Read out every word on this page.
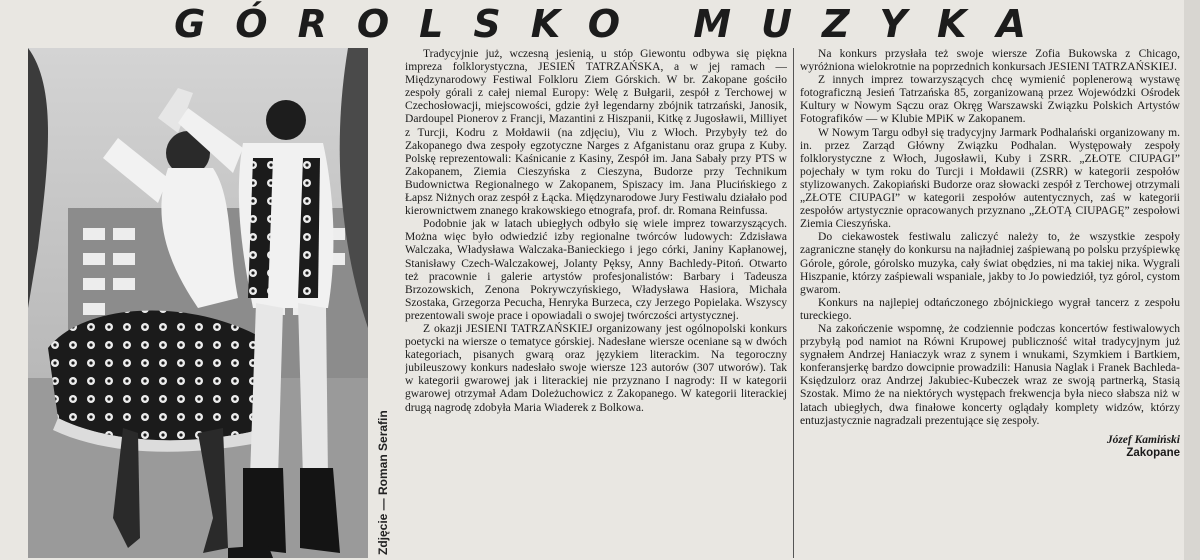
GÓROLSKO MUZYKA
Zdjęcie — Roman Serafin

Tradycyjnie już, wczesną jesienią, u stóp Giewontu odbywa się piękna impreza folklorystyczna, JESIEŃ TATRZAŃSKA, a w jej ramach — Międzynarodowy Festiwal Folkloru Ziem Górskich. W br. Zakopane gościło zespoły górali z całej niemal Europy: Welę z Bułgarii, zespół z Terchowej w Czechosłowacji, miejscowości, gdzie żył legendarny zbójnik tatrzański, Janosik, Dardoupel Pionerov z Francji, Mazantini z Hiszpanii, Kitkę z Jugosławii, Milliyet z Turcji, Kodru z Mołdawii (na zdjęciu), Viu z Włoch. Przybyły też do Zakopanego dwa zespoły egzotyczne Narges z Afganistanu oraz grupa z Kuby. Polskę reprezentowali: Kaśnicanie z Kasiny, Zespół im. Jana Sabały przy PTS w Zakopanem, Ziemia Cieszyńska z Cieszyna, Budorze przy Technikum Budownictwa Regionalnego w Zakopanem, Spiszacy im. Jana Plucińskiego z Łapsz Niżnych oraz zespół z Łącka. Międzynarodowe Jury Festiwalu działało pod kierownictwem znanego krakowskiego etnografa, prof. dr. Romana Reinfussa.

Podobnie jak w latach ubiegłych odbyło się wiele imprez towarzyszących. Można więc było odwiedzić izby regionalne twórców ludowych: Zdzisława Walczaka, Władysława Walczaka-Banieckiego i jego córki, Janiny Kapłanowej, Stanisławy Czech-Walczakowej, Jolanty Pęksy, Anny Bachledy-Pitoń. Otwarto też pracownie i galerie artystów profesjonalistów: Barbary i Tadeusza Brzozowskich, Zenona Pokrywczyńskiego, Władysława Hasiora, Michała Szostaka, Grzegorza Pecucha, Henryka Burzeca, czy Jerzego Popielaka. Wszyscy prezentowali swoje prace i opowiadali o swojej twórczości artystycznej.

Z okazji JESIENI TATRZAŃSKIEJ organizowany jest ogólnopolski konkurs poetycki na wiersze o tematyce górskiej. Nadesłane wiersze oceniane są w dwóch kategoriach, pisanych gwarą oraz językiem literackim. Na tegoroczny jubileuszowy konkurs nadesłało swoje wiersze 123 autorów (307 utworów). Tak w kategorii gwarowej jak i literackiej nie przyznano I nagrody: II w kategorii gwarowej otrzymał Adam Doleżuchowicz z Zakopanego. W kategorii literackiej drugą nagrodę zdobyła Maria Wiaderek z Bolkowa.

Na konkurs przysłała też swoje wiersze Zofia Bukowska z Chicago, wyróżniona wielokrotnie na poprzednich konkursach JESIENI TATRZAŃSKIEJ.

Z innych imprez towarzyszących chcę wymienić poplenerową wystawę fotograficzną Jesień Tatrzańska 85, zorganizowaną przez Wojewódzki Ośrodek Kultury w Nowym Sączu oraz Okręg Warszawski Związku Polskich Artystów Fotografików — w Klubie MPiK w Zakopanem.

W Nowym Targu odbył się tradycyjny Jarmark Podhalański organizowany m. in. przez Zarząd Główny Związku Podhalan. Występowały zespoły folklorystyczne z Włoch, Jugosławii, Kuby i ZSRR. „ZŁOTE CIUPAGI” pojechały w tym roku do Turcji i Mołdawii (ZSRR) w kategorii zespołów stylizowanych. Zakopiański Budorze oraz słowacki zespół z Terchowej otrzymali „ZŁOTE CIUPAGI” w kategorii zespołów autentycznych, zaś w kategorii zespołów artystycznie opracowanych przyznano „ZŁOTĄ CIUPAGĘ” zespołowi Ziemia Cieszyńska.

Do ciekawostek festiwalu zaliczyć należy to, że wszystkie zespoły zagraniczne stanęły do konkursu na najładniej zaśpiewaną po polsku przyśpiewkę Górole, górole, górolsko muzyka, cały świat obędzies, ni ma takiej nika. Wygrali Hiszpanie, którzy zaśpiewali wspaniale, jakby to Jo powiedziół, tyz górol, cystom gwarom.

Konkurs na najlepiej odtańczonego zbójnickiego wygrał tancerz z zespołu tureckiego.

Na zakończenie wspomnę, że codziennie podczas koncertów festiwalowych przybyłą pod namiot na Równi Krupowej publiczność witał tradycyjnym już sygnałem Andrzej Haniaczyk wraz z synem i wnukami, Szymkiem i Bartkiem, konferansjerkę bardzo dowcipnie prowadzili: Hanusia Naglak i Franek Bachleda-Księdzulorz oraz Andrzej Jakubiec-Kubeczek wraz ze swoją partnerką, Stasią Szostak. Mimo że na niektórych występach frekwencja była nieco słabsza niż w latach ubiegłych, dwa finałowe koncerty oglądały komplety widzów, którzy entuzjastycznie nagradzali prezentujące się zespoły.

Józef Kamiński
Zakopane
